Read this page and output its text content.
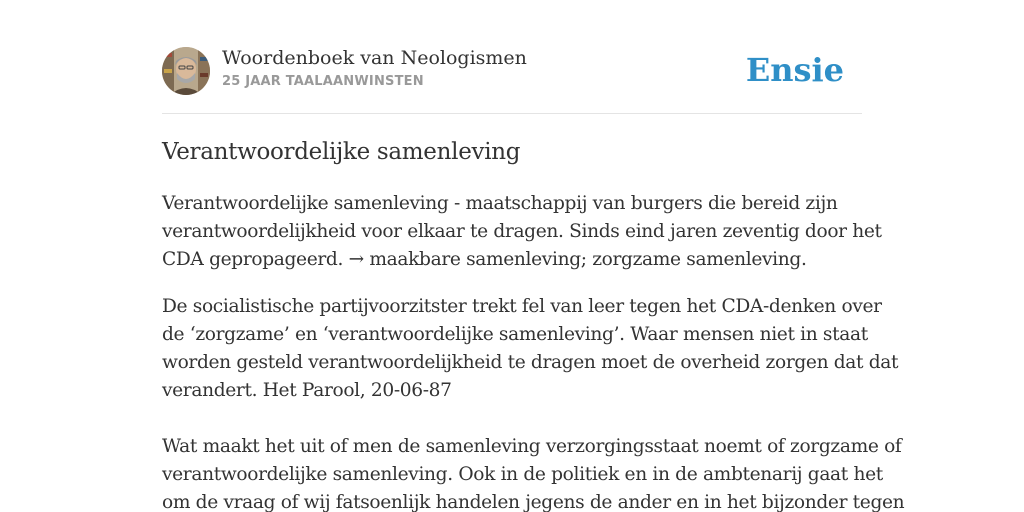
Woordenboek van Neologismen
25 JAAR TAALAANWINSTEN	Ensie
Verantwoordelijke samenleving

Verantwoordelijke samenleving - maatschappij van burgers die bereid zijn
verantwoordelijkheid voor elkaar te dragen. Sinds eind jaren zeventig door het
CDA gepropageerd. → maakbare samenleving; zorgzame samenleving.

De socialistische partijvoorzitster trekt fel van leer tegen het CDA-denken over
de ‘zorgzame’ en ‘verantwoordelijke samenleving’. Waar mensen niet in staat
worden gesteld verantwoordelijkheid te dragen moet de overheid zorgen dat dat
verandert. Het Parool, 20-06-87

Wat maakt het uit of men de samenleving verzorgingsstaat noemt of zorgzame of
verantwoordelijke samenleving. Ook in de politiek en in de ambtenarij gaat het
om de vraag of wij fatsoenlijk handelen jegens de ander en in het bijzonder tegen
